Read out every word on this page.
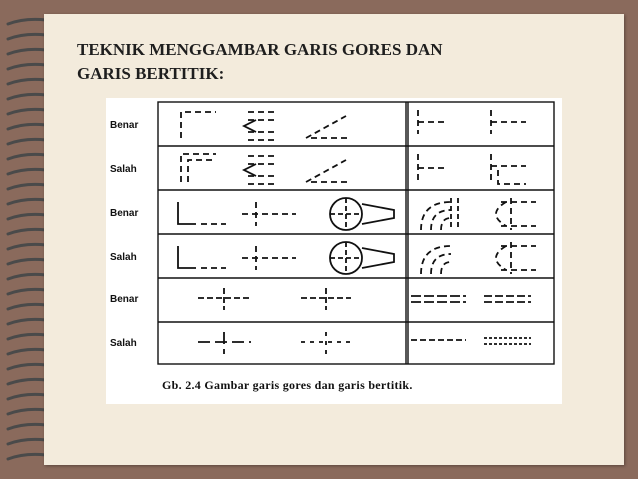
TEKNIK MENGGAMBAR GARIS GORES DAN
GARIS BERTITIK:
Benar
Salah
Benar
Salah
Benar
Salah
Gb. 2.4 Gambar garis gores dan garis bertitik.
